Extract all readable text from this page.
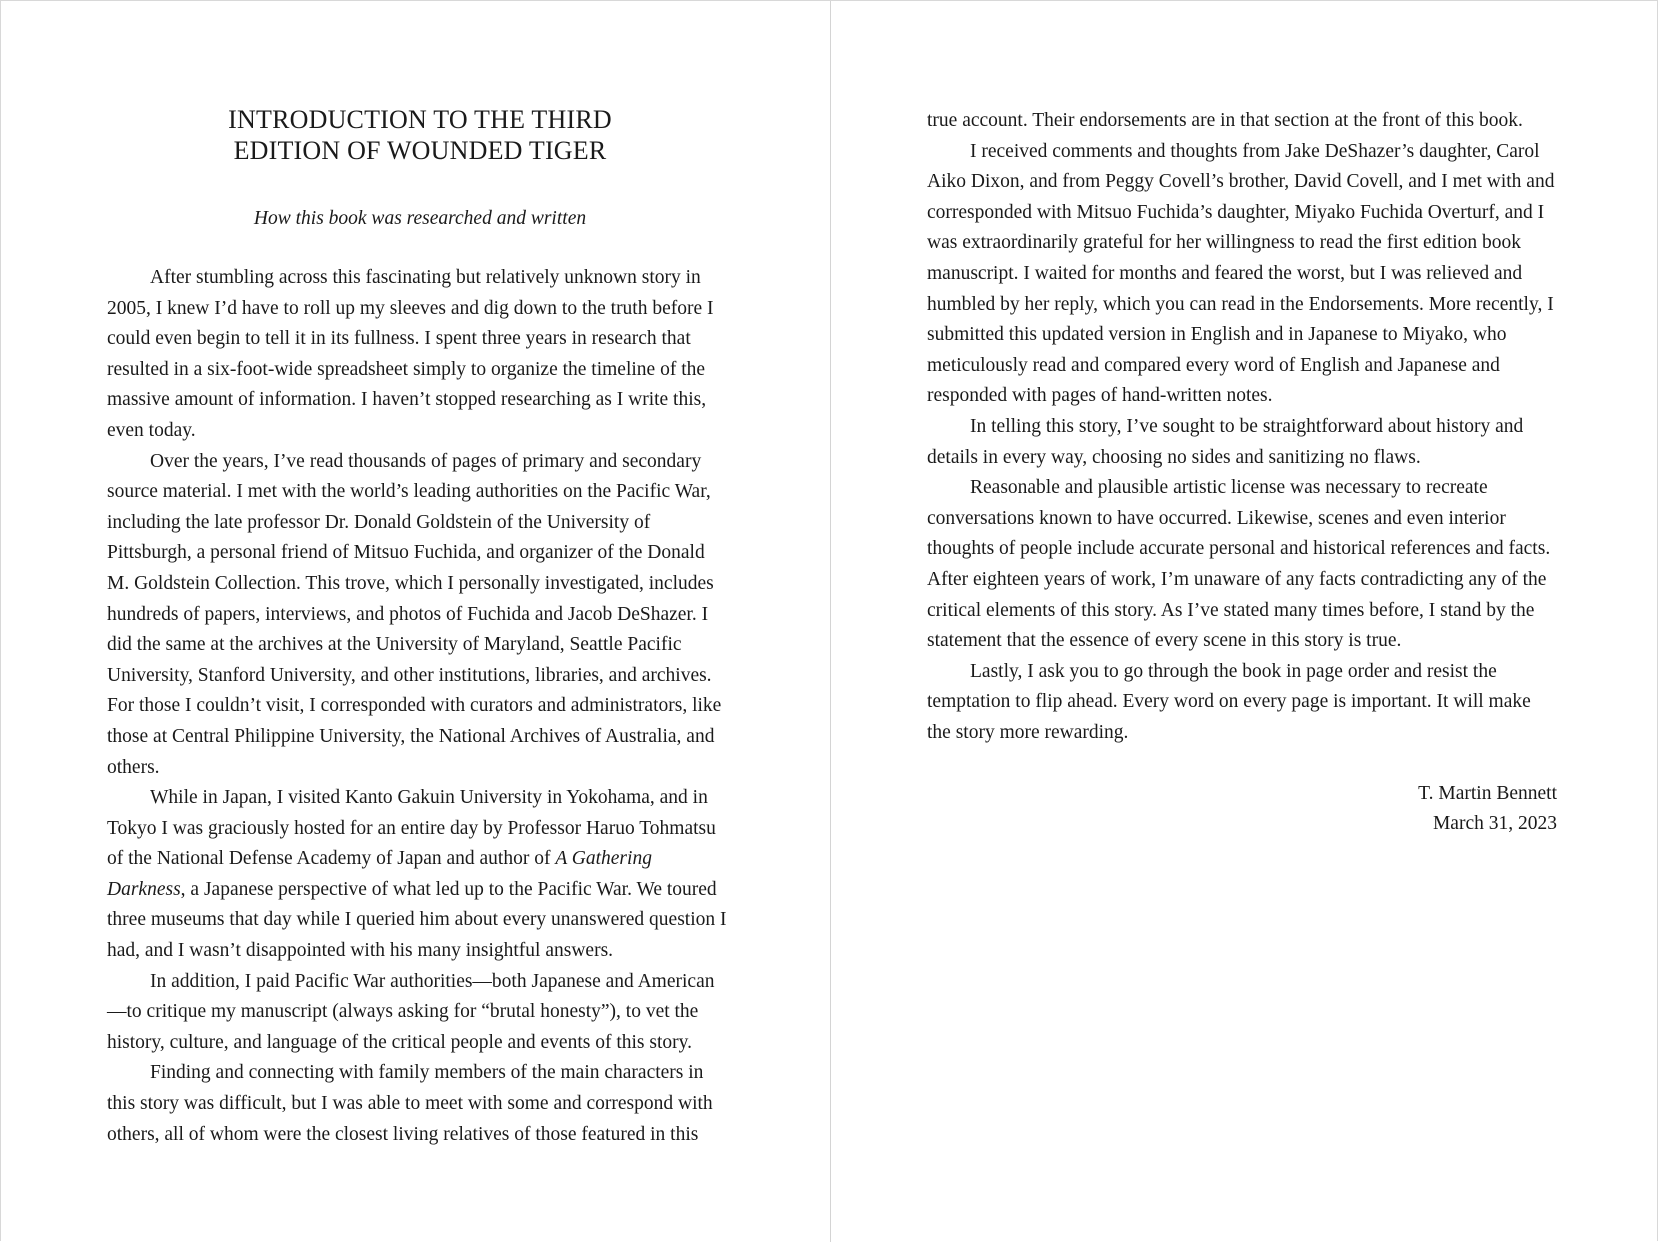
INTRODUCTION TO THE THIRD
EDITION OF WOUNDED TIGER

How this book was researched and written

After stumbling across this fascinating but relatively unknown story in 2005, I knew I’d have to roll up my sleeves and dig down to the truth before I could even begin to tell it in its fullness. I spent three years in research that resulted in a six-foot-wide spreadsheet simply to organize the timeline of the massive amount of information. I haven’t stopped researching as I write this, even today.

Over the years, I’ve read thousands of pages of primary and secondary source material. I met with the world’s leading authorities on the Pacific War, including the late professor Dr. Donald Goldstein of the University of Pittsburgh, a personal friend of Mitsuo Fuchida, and organizer of the Donald M. Goldstein Collection. This trove, which I personally investigated, includes hundreds of papers, interviews, and photos of Fuchida and Jacob DeShazer. I did the same at the archives at the University of Maryland, Seattle Pacific University, Stanford University, and other institutions, libraries, and archives. For those I couldn’t visit, I corresponded with curators and administrators, like those at Central Philippine University, the National Archives of Australia, and others.

While in Japan, I visited Kanto Gakuin University in Yokohama, and in Tokyo I was graciously hosted for an entire day by Professor Haruo Tohmatsu of the National Defense Academy of Japan and author of A Gathering Darkness, a Japanese perspective of what led up to the Pacific War. We toured three museums that day while I queried him about every unanswered question I had, and I wasn’t disappointed with his many insightful answers.

In addition, I paid Pacific War authorities—both Japanese and American—to critique my manuscript (always asking for “brutal honesty”), to vet the history, culture, and language of the critical people and events of this story.

Finding and connecting with family members of the main characters in this story was difficult, but I was able to meet with some and correspond with others, all of whom were the closest living relatives of those featured in this

true account. Their endorsements are in that section at the front of this book.

I received comments and thoughts from Jake DeShazer’s daughter, Carol Aiko Dixon, and from Peggy Covell’s brother, David Covell, and I met with and corresponded with Mitsuo Fuchida’s daughter, Miyako Fuchida Overturf, and I was extraordinarily grateful for her willingness to read the first edition book manuscript. I waited for months and feared the worst, but I was relieved and humbled by her reply, which you can read in the Endorsements. More recently, I submitted this updated version in English and in Japanese to Miyako, who meticulously read and compared every word of English and Japanese and responded with pages of hand-written notes.

In telling this story, I’ve sought to be straightforward about history and details in every way, choosing no sides and sanitizing no flaws.

Reasonable and plausible artistic license was necessary to recreate conversations known to have occurred. Likewise, scenes and even interior thoughts of people include accurate personal and historical references and facts. After eighteen years of work, I’m unaware of any facts contradicting any of the critical elements of this story. As I’ve stated many times before, I stand by the statement that the essence of every scene in this story is true.

Lastly, I ask you to go through the book in page order and resist the temptation to flip ahead. Every word on every page is important. It will make the story more rewarding.

T. Martin Bennett
March 31, 2023
